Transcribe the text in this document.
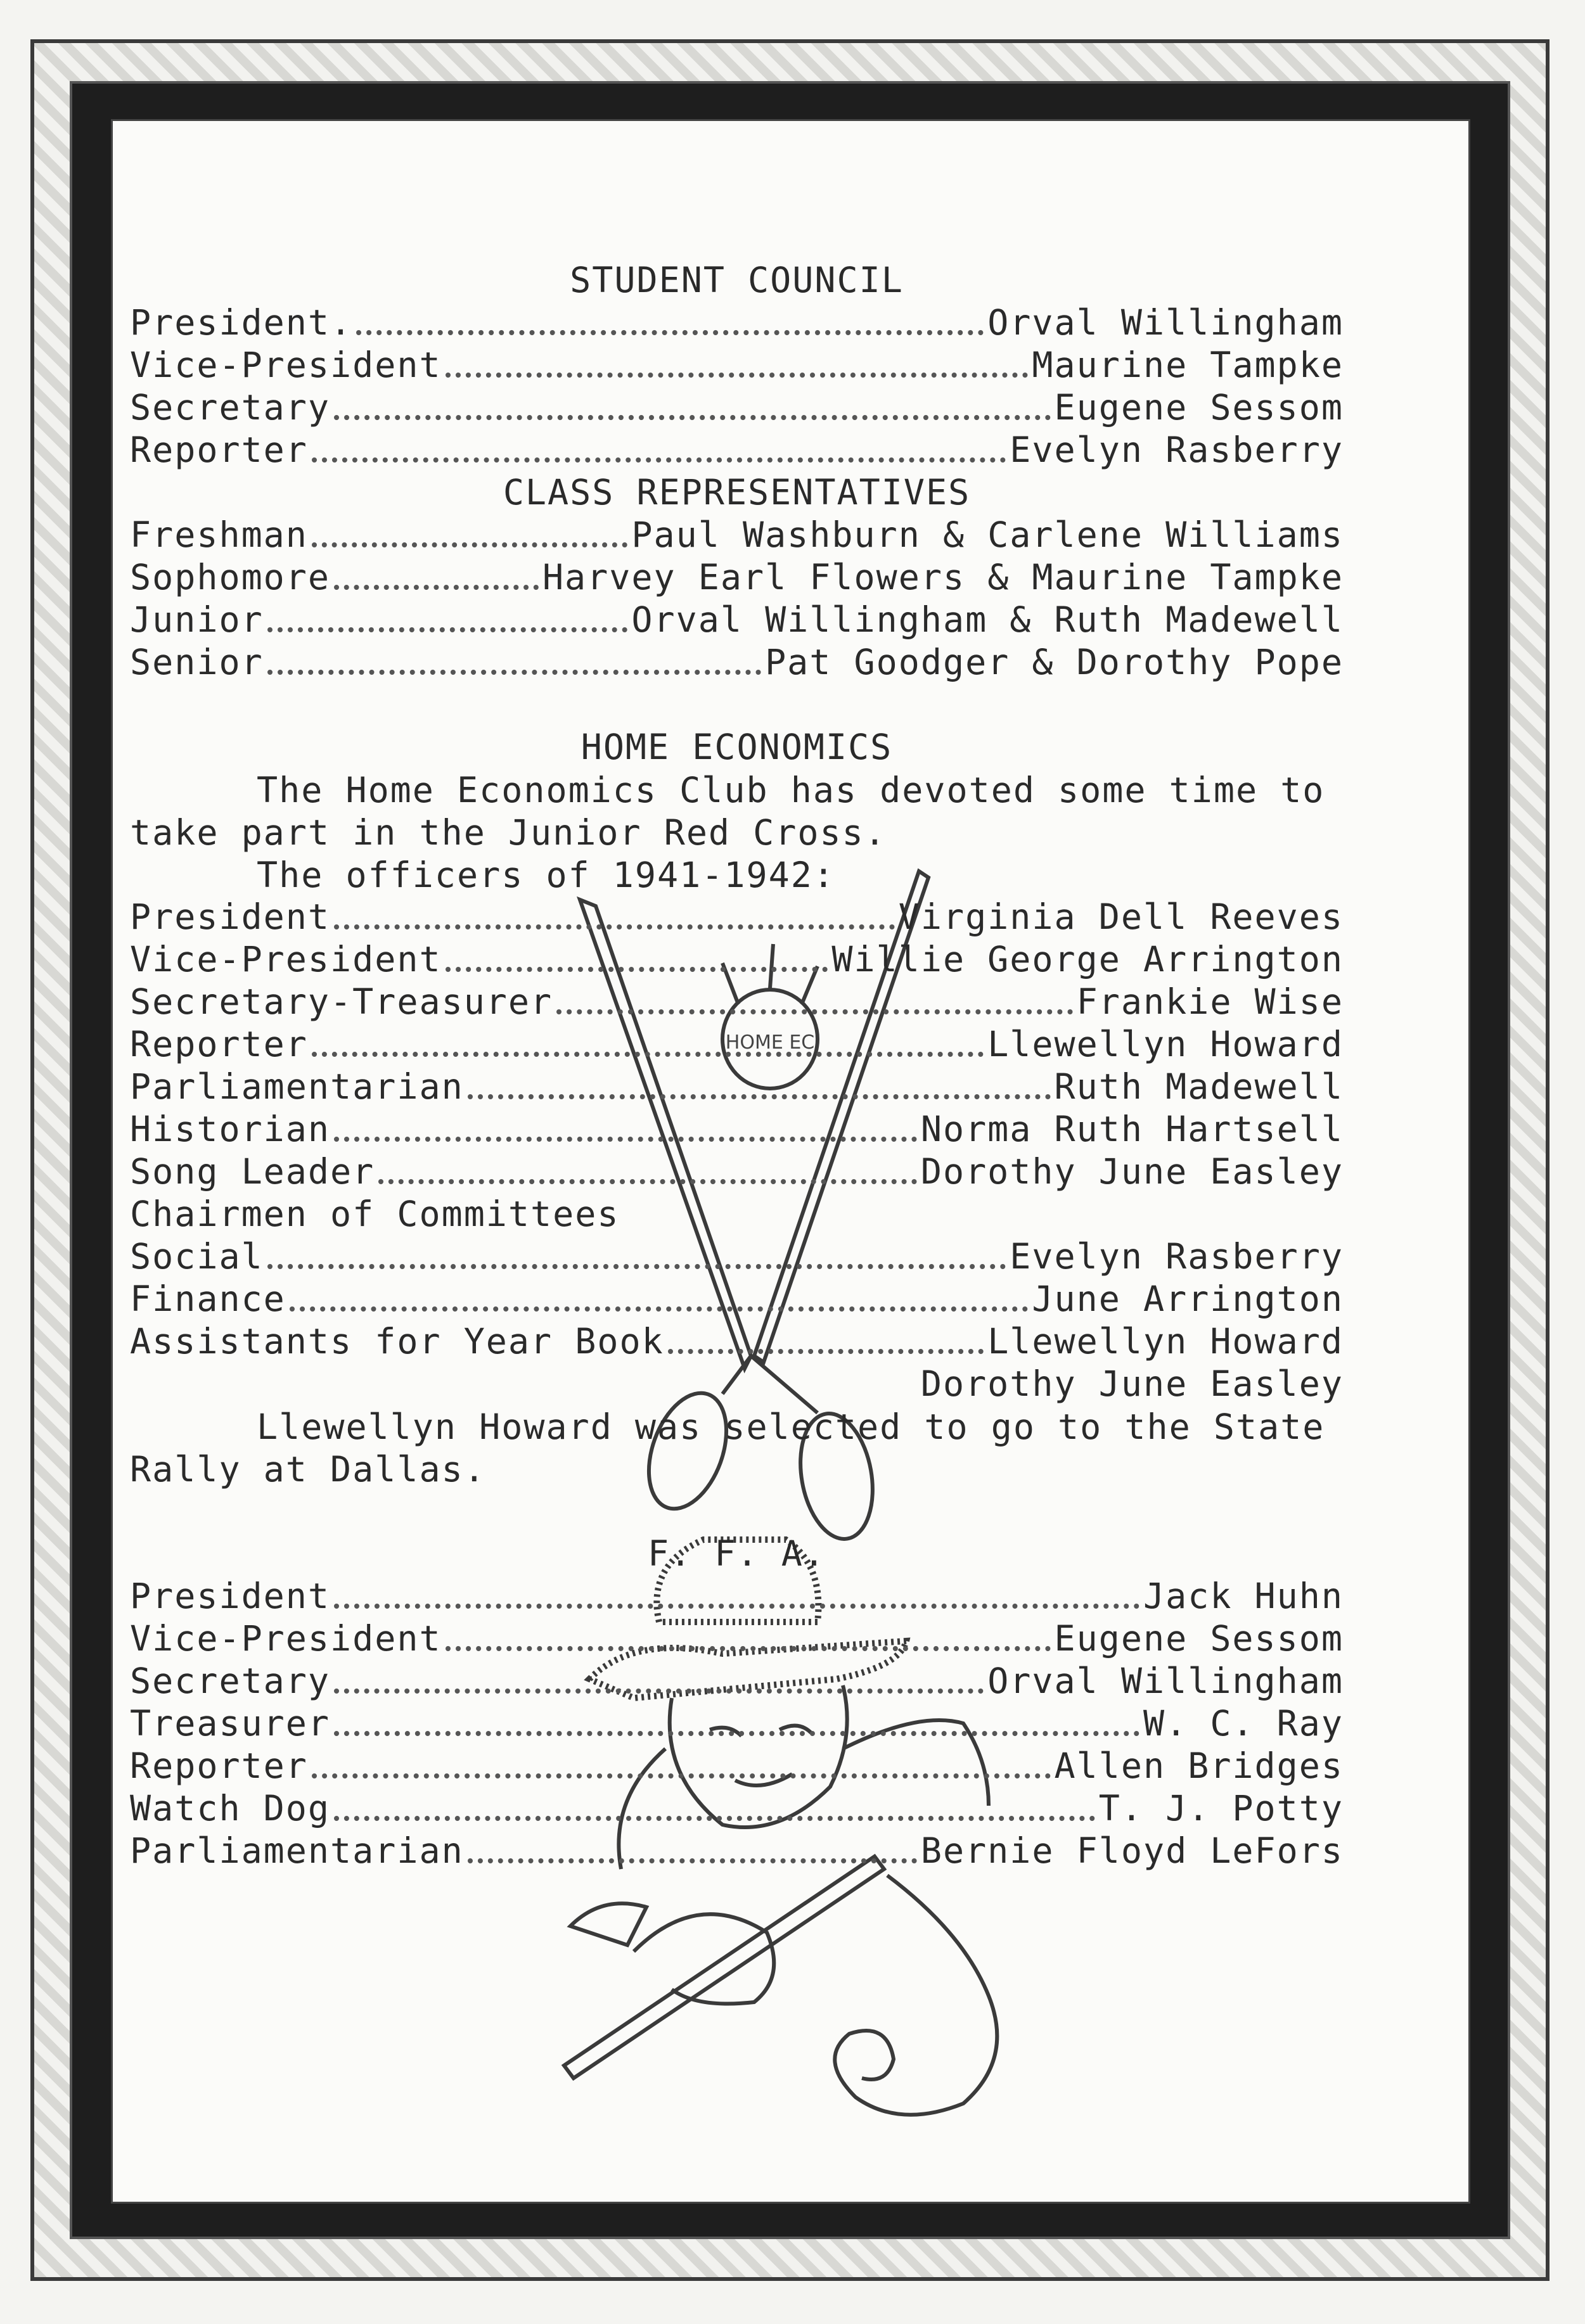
HOME EC
STUDENT COUNCIL
President.	Orval Willingham
Vice-President	Maurine Tampke
Secretary	Eugene Sessom
Reporter	Evelyn Rasberry
CLASS REPRESENTATIVES
Freshman	Paul Washburn & Carlene Williams
Sophomore	Harvey Earl Flowers & Maurine Tampke
Junior	Orval Willingham & Ruth Madewell
Senior	Pat Goodger & Dorothy Pope
HOME ECONOMICS
The Home Economics Club has devoted some time to take part in the Junior Red Cross.
The officers of 1941-1942:
President	Virginia Dell Reeves
Vice-President	Willie George Arrington
Secretary-Treasurer	Frankie Wise
Reporter	Llewellyn Howard
Parliamentarian	Ruth Madewell
Historian	Norma Ruth Hartsell
Song Leader	Dorothy June Easley
Chairmen of Committees
Social	Evelyn Rasberry
Finance	June Arrington
Assistants for Year Book	Llewellyn Howard
Dorothy June Easley
Llewellyn Howard was selected to go to the State Rally at Dallas.
F. F. A.
President	Jack Huhn
Vice-President	Eugene Sessom
Secretary	Orval Willingham
Treasurer	W. C. Ray
Reporter	Allen Bridges
Watch Dog	T. J. Potty
Parliamentarian	Bernie Floyd LeFors
